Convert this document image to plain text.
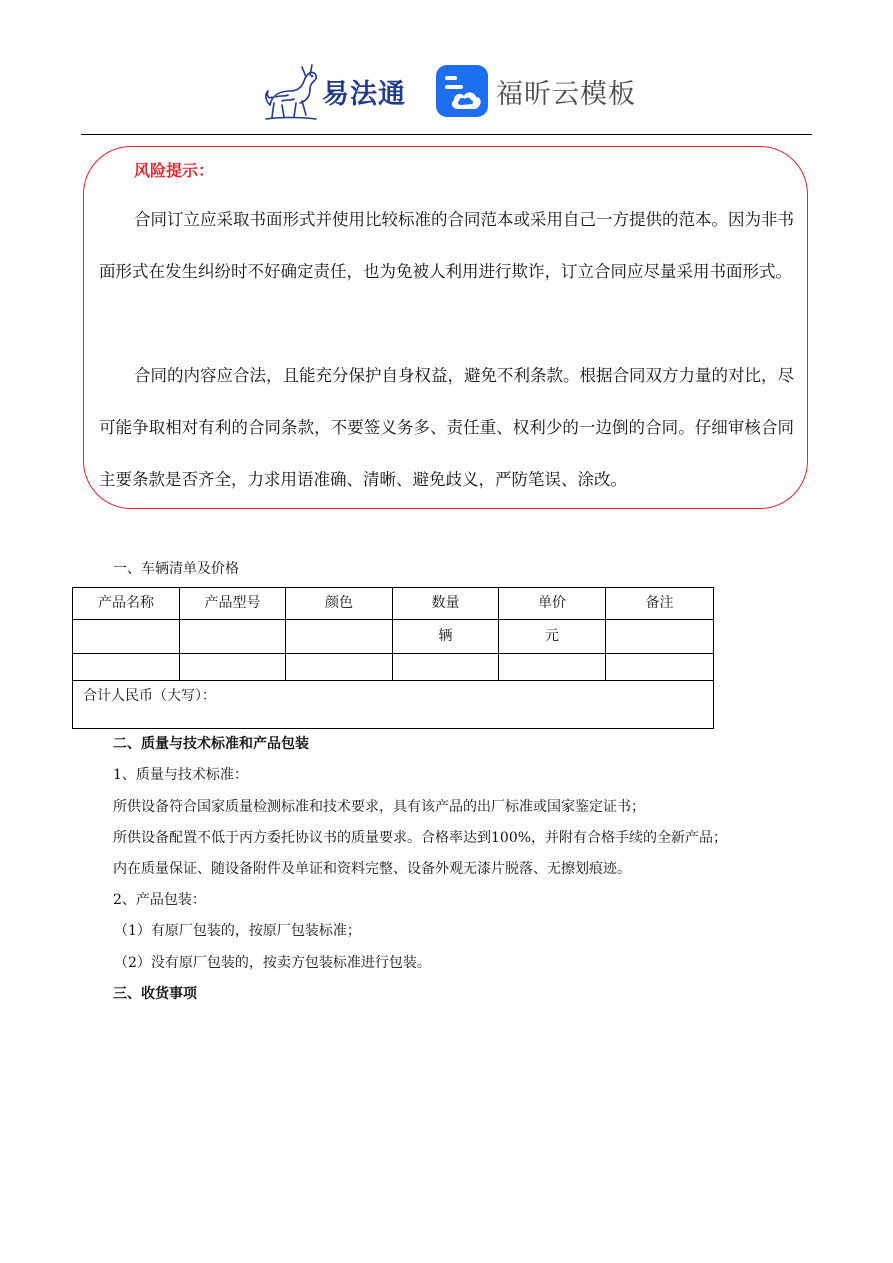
易法通	福昕云模板
风险提示：
合同订立应采取书面形式并使用比较标准的合同范本或采用自己一方提供的范本。因为非书面形式在发生纠纷时不好确定责任，也为免被人利用进行欺诈，订立合同应尽量采用书面形式。
合同的内容应合法，且能充分保护自身权益，避免不利条款。根据合同双方力量的对比，尽可能争取相对有利的合同条款，不要签义务多、责任重、权利少的一边倒的合同。仔细审核合同主要条款是否齐全，力求用语准确、清晰、避免歧义，严防笔误、涂改。
一、车辆清单及价格
产品名称	产品型号	颜色	数量	单价	备注
			辆	元	

合计人民币（大写）：					
二、质量与技术标准和产品包装
1、质量与技术标准：
所供设备符合国家质量检测标准和技术要求，具有该产品的出厂标准或国家鉴定证书；
所供设备配置不低于丙方委托协议书的质量要求。合格率达到100%，并附有合格手续的全新产品；
内在质量保证、随设备附件及单证和资料完整、设备外观无漆片脱落、无擦划痕迹。
2、产品包装：
（1）有原厂包装的，按原厂包装标准；
（2）没有原厂包装的，按卖方包装标准进行包装。
三、收货事项
